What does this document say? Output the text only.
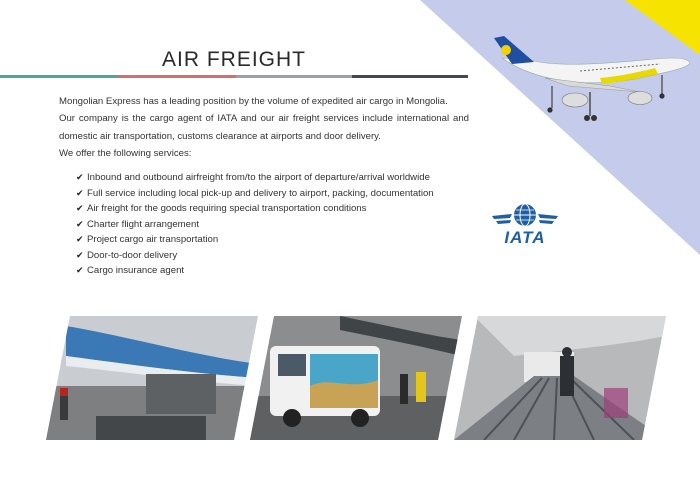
AIR FREIGHT

Mongolian Express has a leading position by the volume of expedited air cargo in Mongolia.

Our company is the cargo agent of IATA and our air freight services include international and

domestic air transportation, customs clearance at airports and door delivery.

We offer the following services:

✔ Inbound and outbound airfreight from/to the airport of departure/arrival worldwide
✔ Full service including local pick-up and delivery to airport, packing, documentation
✔ Air freight for the goods requiring special transportation conditions
✔ Charter flight arrangement
✔ Project cargo air transportation
✔ Door-to-door delivery
✔ Cargo insurance agent
IATA
